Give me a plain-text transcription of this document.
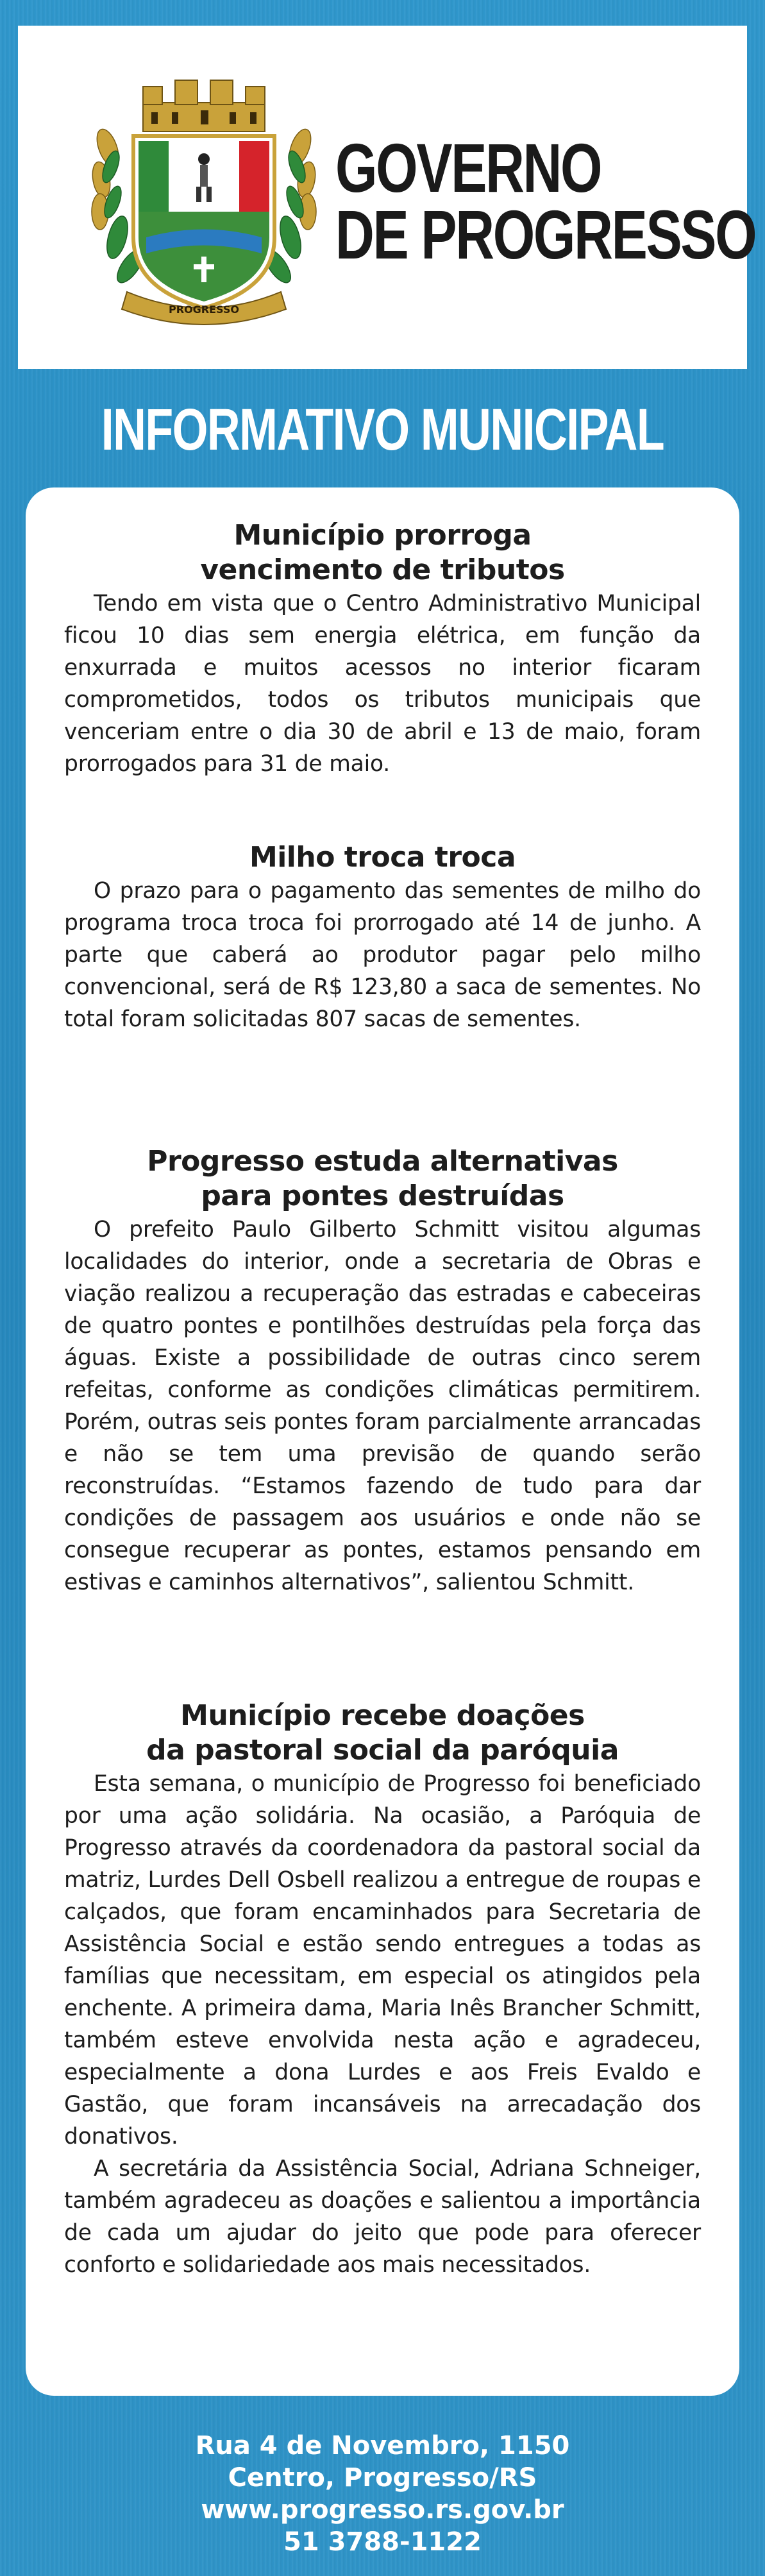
PROGRESSO
GOVERNO
DE PROGRESSO
INFORMATIVO MUNICIPAL
Município prorroga
vencimento de tributos

Tendo em vista que o Centro Administrativo Municipal ficou 10 dias sem energia elétrica, em função da enxurrada e muitos acessos no interior ficaram comprometidos, todos os tributos municipais que venceriam entre o dia 30 de abril e 13 de maio, foram prorrogados para 31 de maio.

Milho troca troca

O prazo para o pagamento das sementes de milho do programa troca troca foi prorrogado até 14 de junho. A parte que caberá ao produtor pagar pelo milho convencional, será de R$ 123,80 a saca de sementes. No total foram solicitadas 807 sacas de sementes.

Progresso estuda alternativas
para pontes destruídas

O prefeito Paulo Gilberto Schmitt visitou algumas localidades do interior, onde a secretaria de Obras e viação realizou a recuperação das estradas e cabeceiras de quatro pontes e pontilhões destruídas pela força das águas. Existe a possibilidade de outras cinco serem refeitas, conforme as condições climáticas permitirem. Porém, outras seis pontes foram parcialmente arrancadas e não se tem uma previsão de quando serão reconstruídas. “Estamos fazendo de tudo para dar condições de passagem aos usuários e onde não se consegue recuperar as pontes, estamos pensando em estivas e caminhos alternativos”, salientou Schmitt.

Município recebe doações
da pastoral social da paróquia

Esta semana, o município de Progresso foi beneficiado por uma ação solidária. Na ocasião, a Paróquia de Progresso através da coordenadora da pastoral social da matriz, Lurdes Dell Osbell realizou a entregue de roupas e calçados, que foram encaminhados para Secretaria de Assistência Social e estão sendo entregues a todas as famílias que necessitam, em especial os atingidos pela enchente. A primeira dama, Maria Inês Brancher Schmitt, também esteve envolvida nesta ação e agradeceu, especialmente a dona Lurdes e aos Freis Evaldo e Gastão, que foram incansáveis na arrecadação dos donativos.

A secretária da Assistência Social, Adriana Schneiger, também agradeceu as doações e salientou a importância de cada um ajudar do jeito que pode para oferecer conforto e solidariedade aos mais necessitados.

Rua 4 de Novembro, 1150
Centro, Progresso/RS
www.progresso.rs.gov.br
51 3788-1122
